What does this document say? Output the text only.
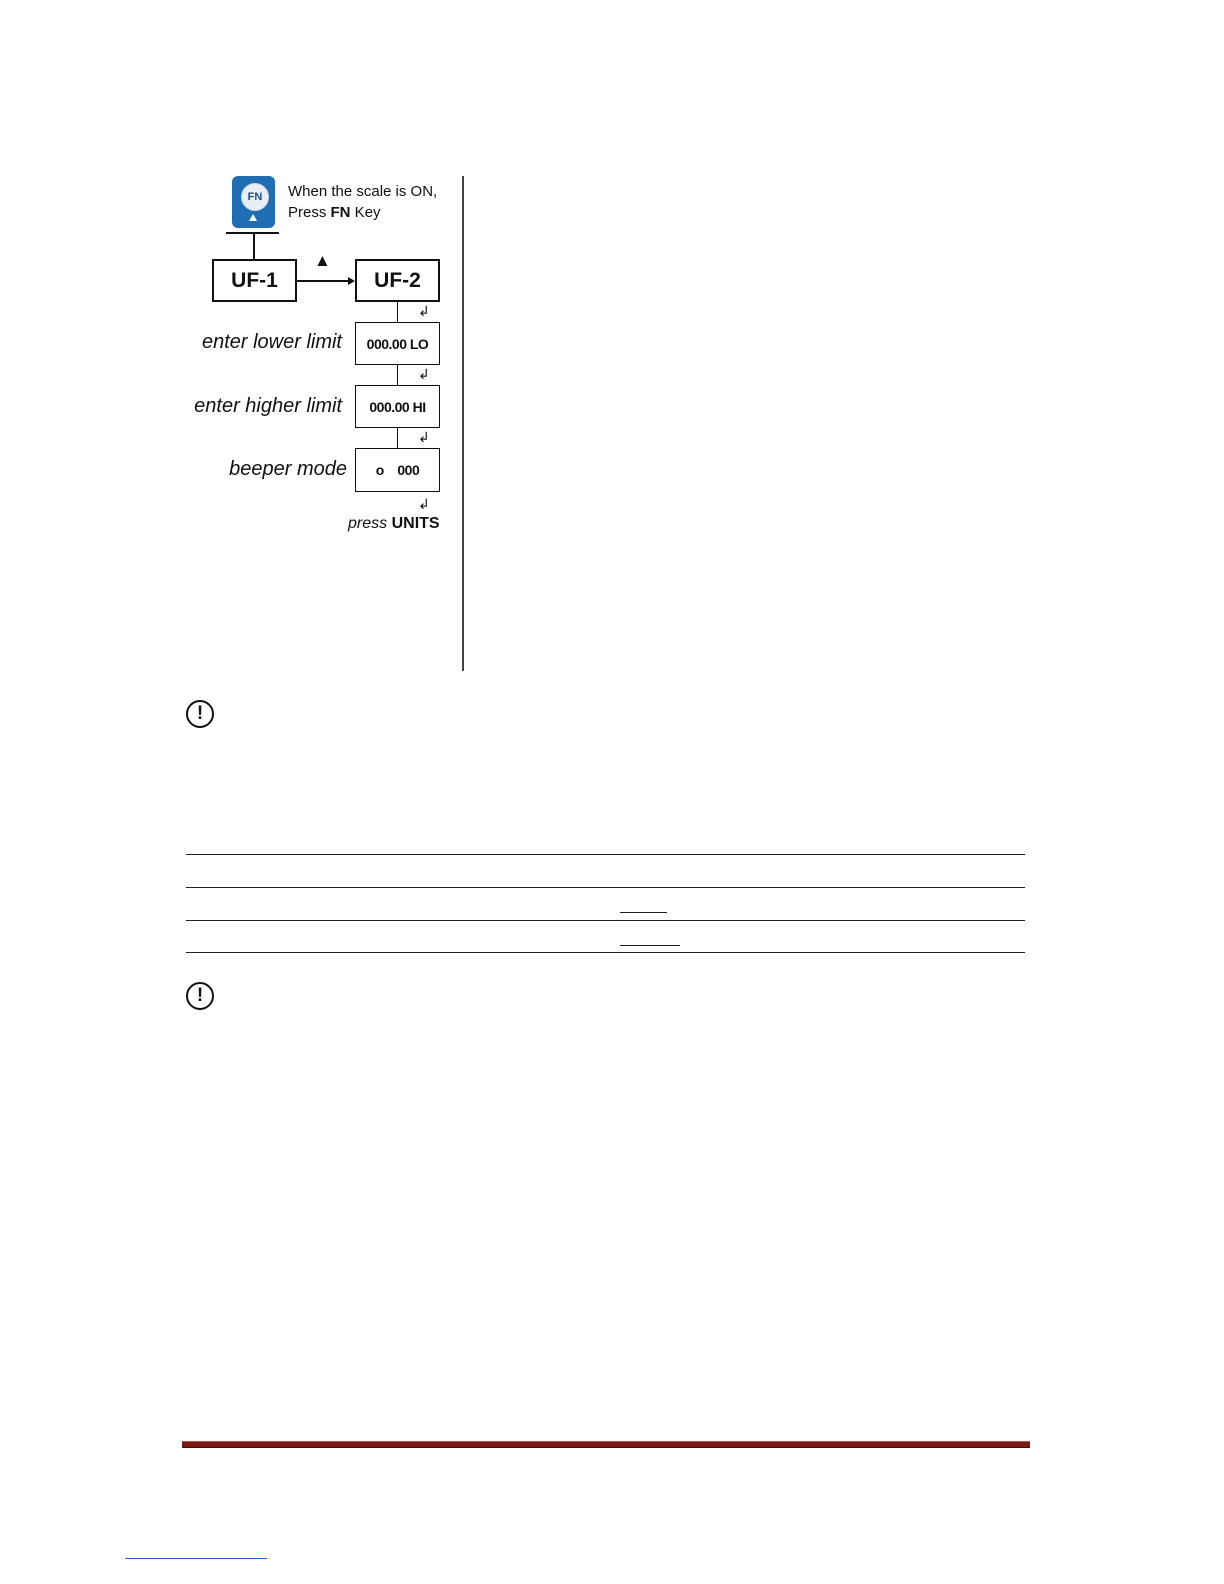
FN	When the scale is ON,
Press FN Key
UF-1
▲
UF-2
↲
enter lower limit	000.00 LO
↲
enter higher limit	000.00 HI
↲
beeper mode	o    000
↲
press UNITS
!
!
